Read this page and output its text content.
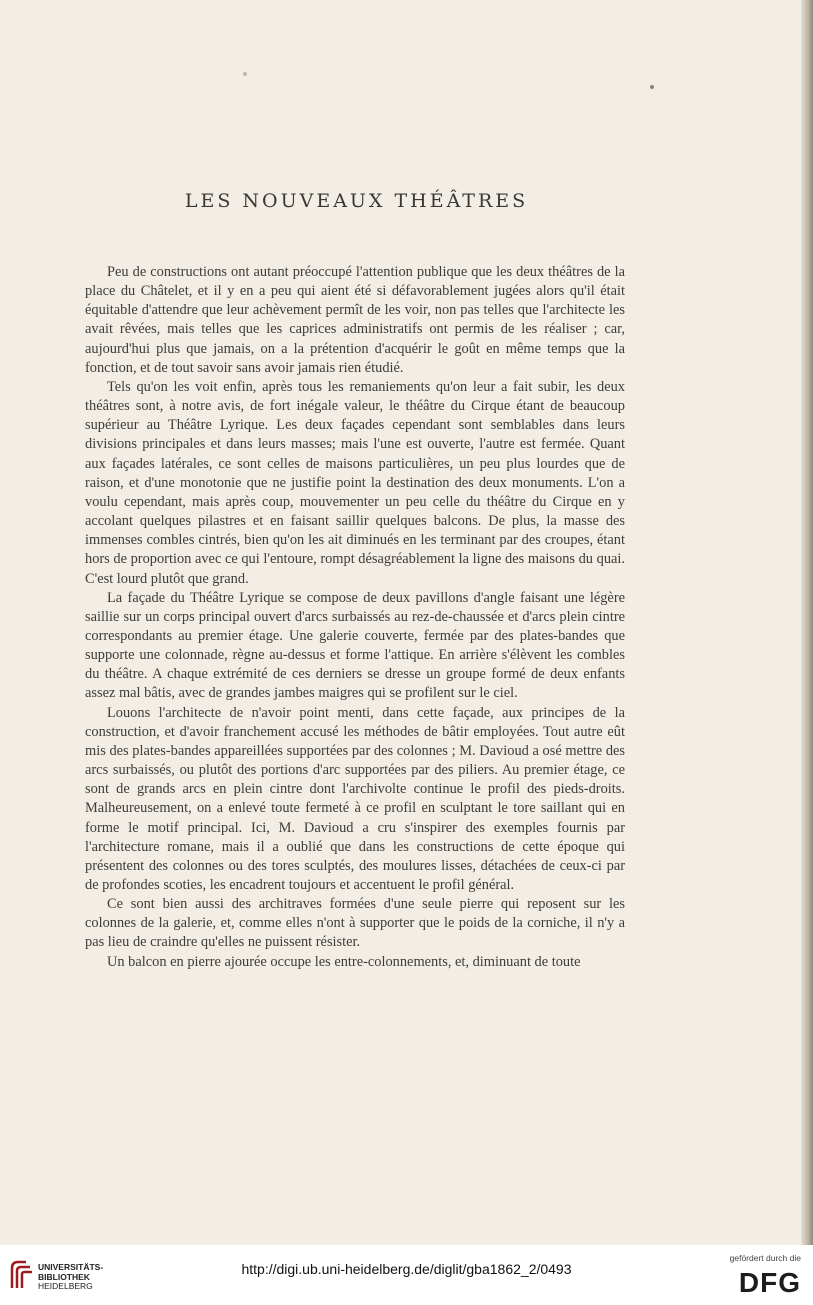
LES NOUVEAUX THÉÂTRES

Peu de constructions ont autant préoccupé l'attention publique que les deux théâtres de la place du Châtelet, et il y en a peu qui aient été si défavorablement jugées alors qu'il était équitable d'attendre que leur achèvement permît de les voir, non pas telles que l'architecte les avait rêvées, mais telles que les caprices administratifs ont permis de les réaliser ; car, aujourd'hui plus que jamais, on a la prétention d'acquérir le goût en même temps que la fonction, et de tout savoir sans avoir jamais rien étudié.

Tels qu'on les voit enfin, après tous les remaniements qu'on leur a fait subir, les deux théâtres sont, à notre avis, de fort inégale valeur, le théâtre du Cirque étant de beaucoup supérieur au Théâtre Lyrique. Les deux façades cependant sont semblables dans leurs divisions principales et dans leurs masses; mais l'une est ouverte, l'autre est fermée. Quant aux façades latérales, ce sont celles de maisons particulières, un peu plus lourdes que de raison, et d'une monotonie que ne justifie point la destination des deux monuments. L'on a voulu cependant, mais après coup, mouvementer un peu celle du théâtre du Cirque en y accolant quelques pilastres et en faisant saillir quelques balcons. De plus, la masse des immenses combles cintrés, bien qu'on les ait diminués en les terminant par des croupes, étant hors de proportion avec ce qui l'entoure, rompt désagréablement la ligne des maisons du quai. C'est lourd plutôt que grand.

La façade du Théâtre Lyrique se compose de deux pavillons d'angle faisant une légère saillie sur un corps principal ouvert d'arcs surbaissés au rez-de-chaussée et d'arcs plein cintre correspondants au premier étage. Une galerie couverte, fermée par des plates-bandes que supporte une colonnade, règne au-dessus et forme l'attique. En arrière s'élèvent les combles du théâtre. A chaque extrémité de ces derniers se dresse un groupe formé de deux enfants assez mal bâtis, avec de grandes jambes maigres qui se profilent sur le ciel.

Louons l'architecte de n'avoir point menti, dans cette façade, aux principes de la construction, et d'avoir franchement accusé les méthodes de bâtir employées. Tout autre eût mis des plates-bandes appareillées supportées par des colonnes ; M. Davioud a osé mettre des arcs surbaissés, ou plutôt des portions d'arc supportées par des piliers. Au premier étage, ce sont de grands arcs en plein cintre dont l'archivolte continue le profil des pieds-droits. Malheureusement, on a enlevé toute fermeté à ce profil en sculptant le tore saillant qui en forme le motif principal. Ici, M. Davioud a cru s'inspirer des exemples fournis par l'architecture romane, mais il a oublié que dans les constructions de cette époque qui présentent des colonnes ou des tores sculptés, des moulures lisses, détachées de ceux-ci par de profondes scoties, les encadrent toujours et accentuent le profil général.

Ce sont bien aussi des architraves formées d'une seule pierre qui reposent sur les colonnes de la galerie, et, comme elles n'ont à supporter que le poids de la corniche, il n'y a pas lieu de craindre qu'elles ne puissent résister.

Un balcon en pierre ajourée occupe les entre-colonnements, et, diminuant de toute

UNIVERSITÄTS-
BIBLIOTHEK
HEIDELBERG
http://digi.ub.uni-heidelberg.de/diglit/gba1862_2/0493
gefördert durch die
DFG
